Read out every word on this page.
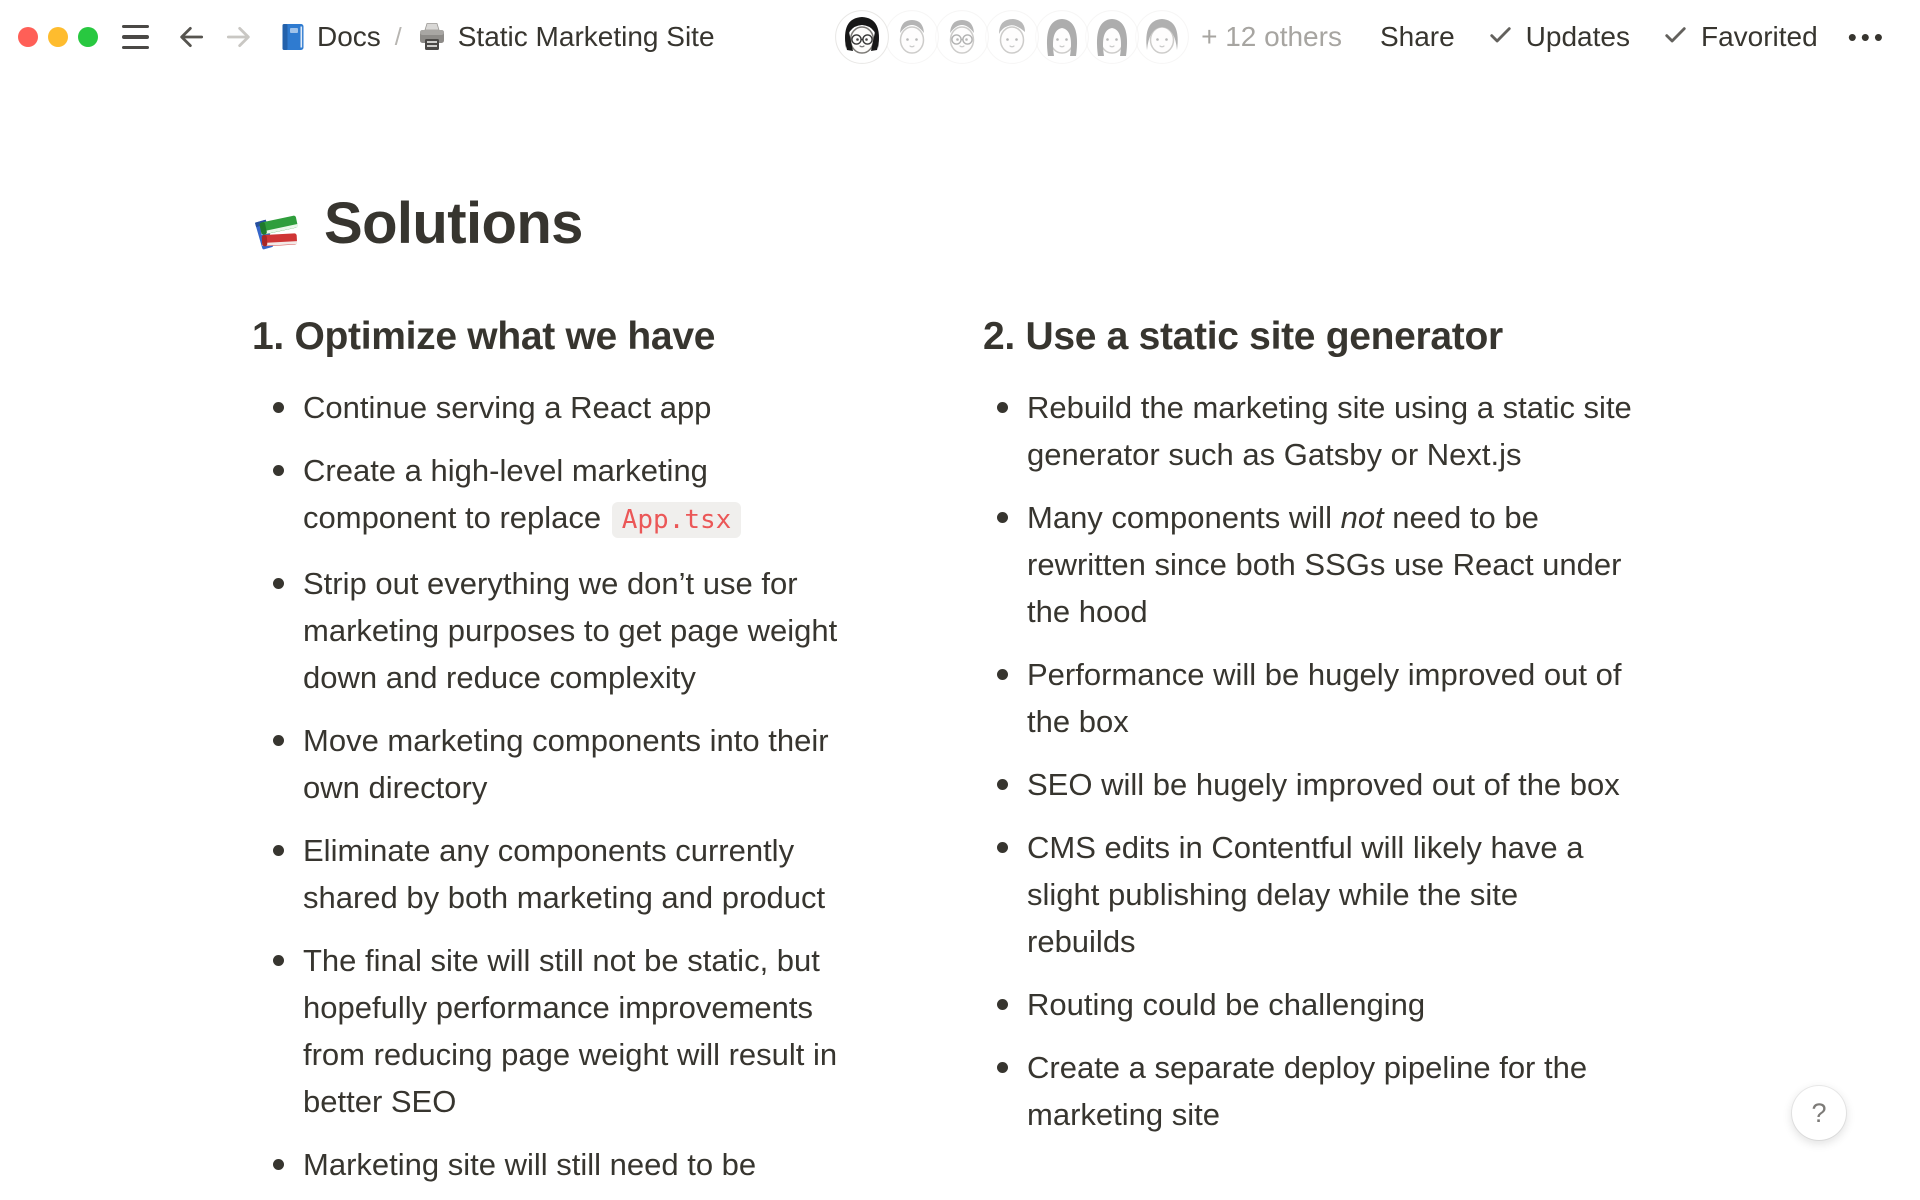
Docs / Static Marketing Site	+ 12 others Share	Updates	Favorited •••
Solutions
1. Optimize what we have
Continue serving a React app
Create a high-level marketing component to replace App.tsx
Strip out everything we don’t use for marketing purposes to get page weight down and reduce complexity
Move marketing components into their own directory
Eliminate any components currently shared by both marketing and product
The final site will still not be static, but hopefully performance improvements from reducing page weight will result in better SEO
Marketing site will still need to be
2. Use a static site generator
Rebuild the marketing site using a static site generator such as Gatsby or Next.js
Many components will not need to be rewritten since both SSGs use React under the hood
Performance will be hugely improved out of the box
SEO will be hugely improved out of the box
CMS edits in Contentful will likely have a slight publishing delay while the site rebuilds
Routing could be challenging
Create a separate deploy pipeline for the marketing site	?
